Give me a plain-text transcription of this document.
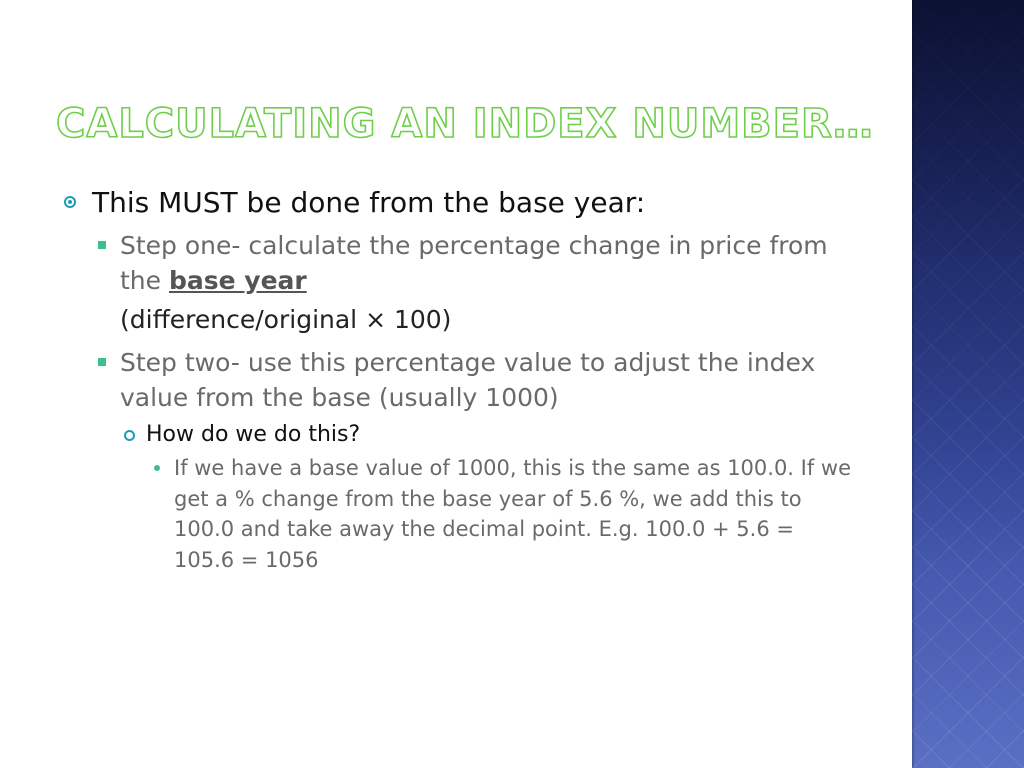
CALCULATING AN INDEX NUMBER…
This MUST be done from the base year:
Step one- calculate the percentage change in price from the base year
(difference/original × 100)
Step two- use this percentage value to adjust the index value from the base (usually 1000)
How do we do this?
If we have a base value of 1000, this is the same as 100.0. If we get a % change from the base year of 5.6 %, we add this to 100.0 and take away the decimal point. E.g. 100.0 + 5.6 = 105.6 = 1056
